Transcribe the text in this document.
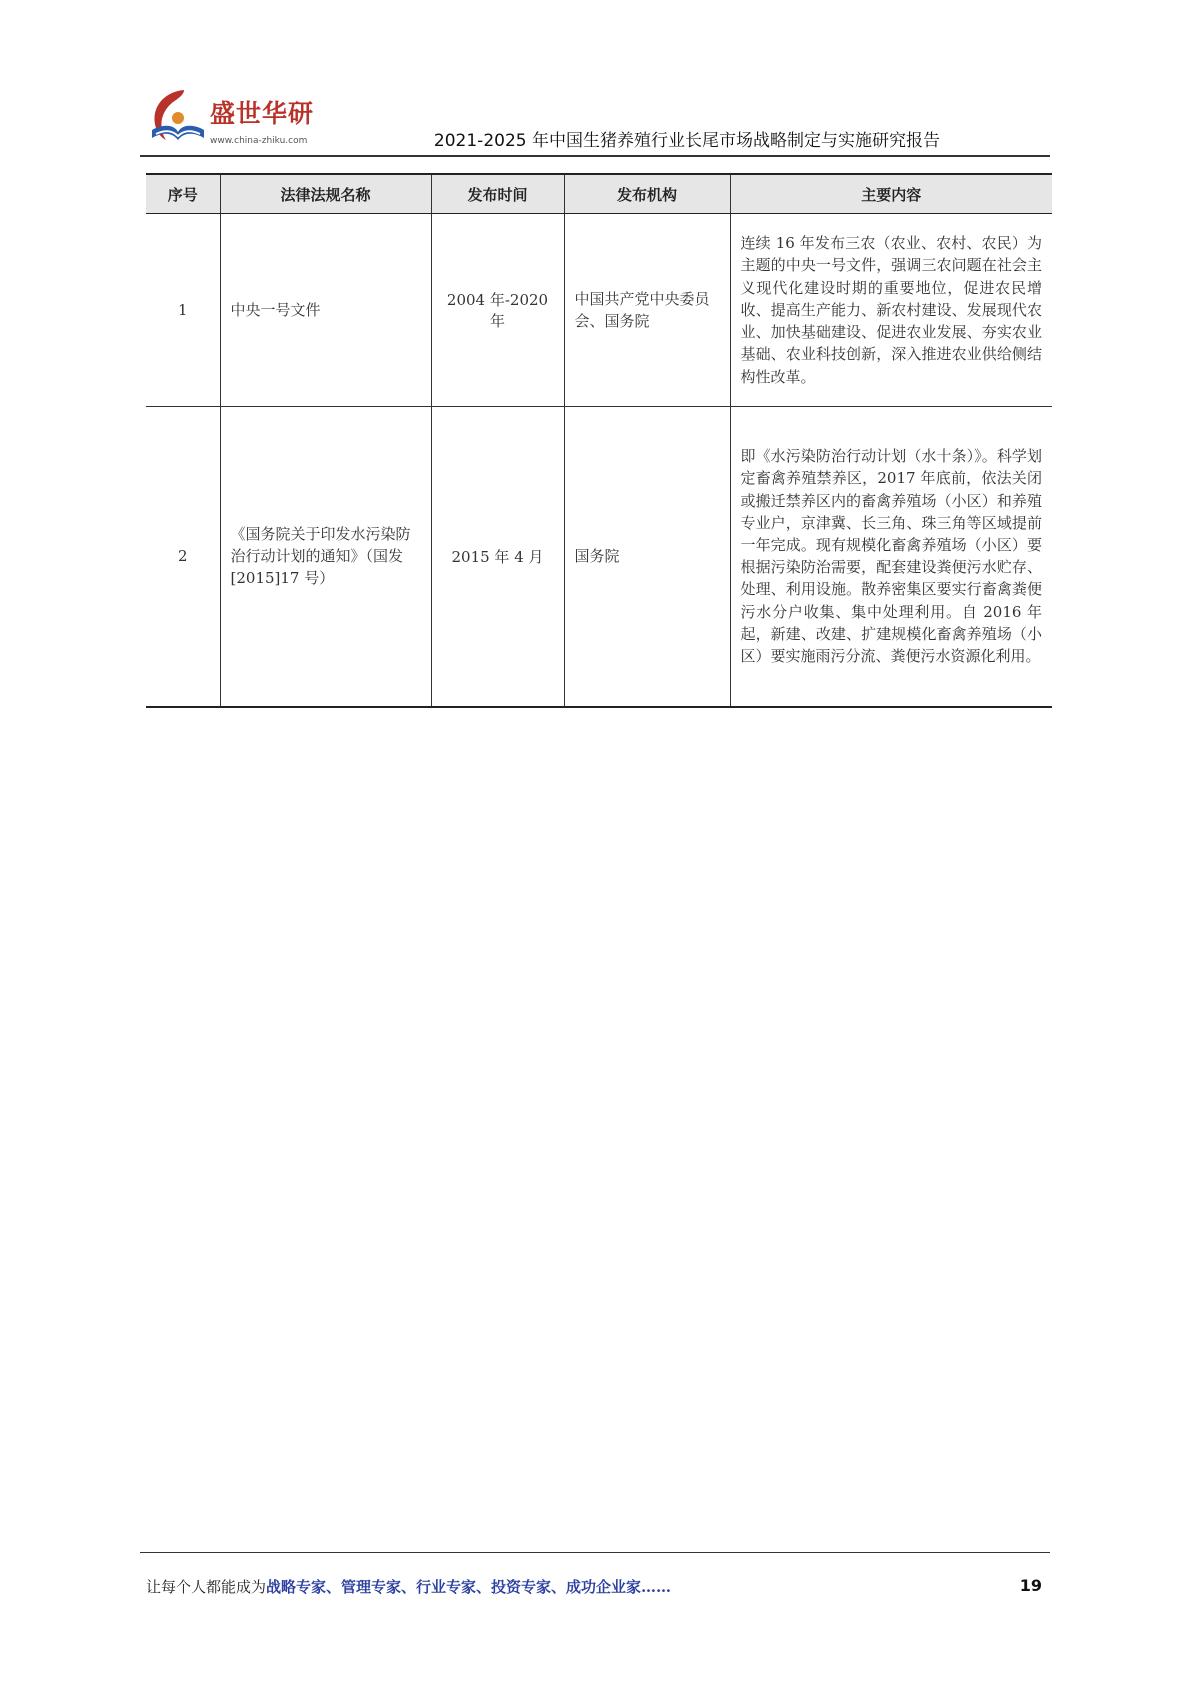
盛世华研
www.china-zhiku.com	2021-2025 年中国生猪养殖行业长尾市场战略制定与实施研究报告
序号	法律法规名称	发布时间	发布机构	主要内容
1	中央一号文件	2004 年-2020 年	中国共产党中央委员会、国务院	连续 16 年发布三农（农业、农村、农民）为主题的中央一号文件，强调三农问题在社会主义现代化建设时期的重要地位，促进农民增收、提高生产能力、新农村建设、发展现代农业、加快基础建设、促进农业发展、夯实农业基础、农业科技创新，深入推进农业供给侧结构性改革。
2	《国务院关于印发水污染防治行动计划的通知》（国发[2015]17 号）	2015 年 4 月	国务院	即《水污染防治行动计划（水十条）》。科学划定畜禽养殖禁养区，2017 年底前，依法关闭或搬迁禁养区内的畜禽养殖场（小区）和养殖专业户，京津冀、长三角、珠三角等区域提前一年完成。现有规模化畜禽养殖场（小区）要根据污染防治需要，配套建设粪便污水贮存、处理、利用设施。散养密集区要实行畜禽粪便污水分户收集、集中处理利用。自 2016 年起，新建、改建、扩建规模化畜禽养殖场（小区）要实施雨污分流、粪便污水资源化利用。
让每个人都能成为战略专家、管理专家、行业专家、投资专家、成功企业家……	19
